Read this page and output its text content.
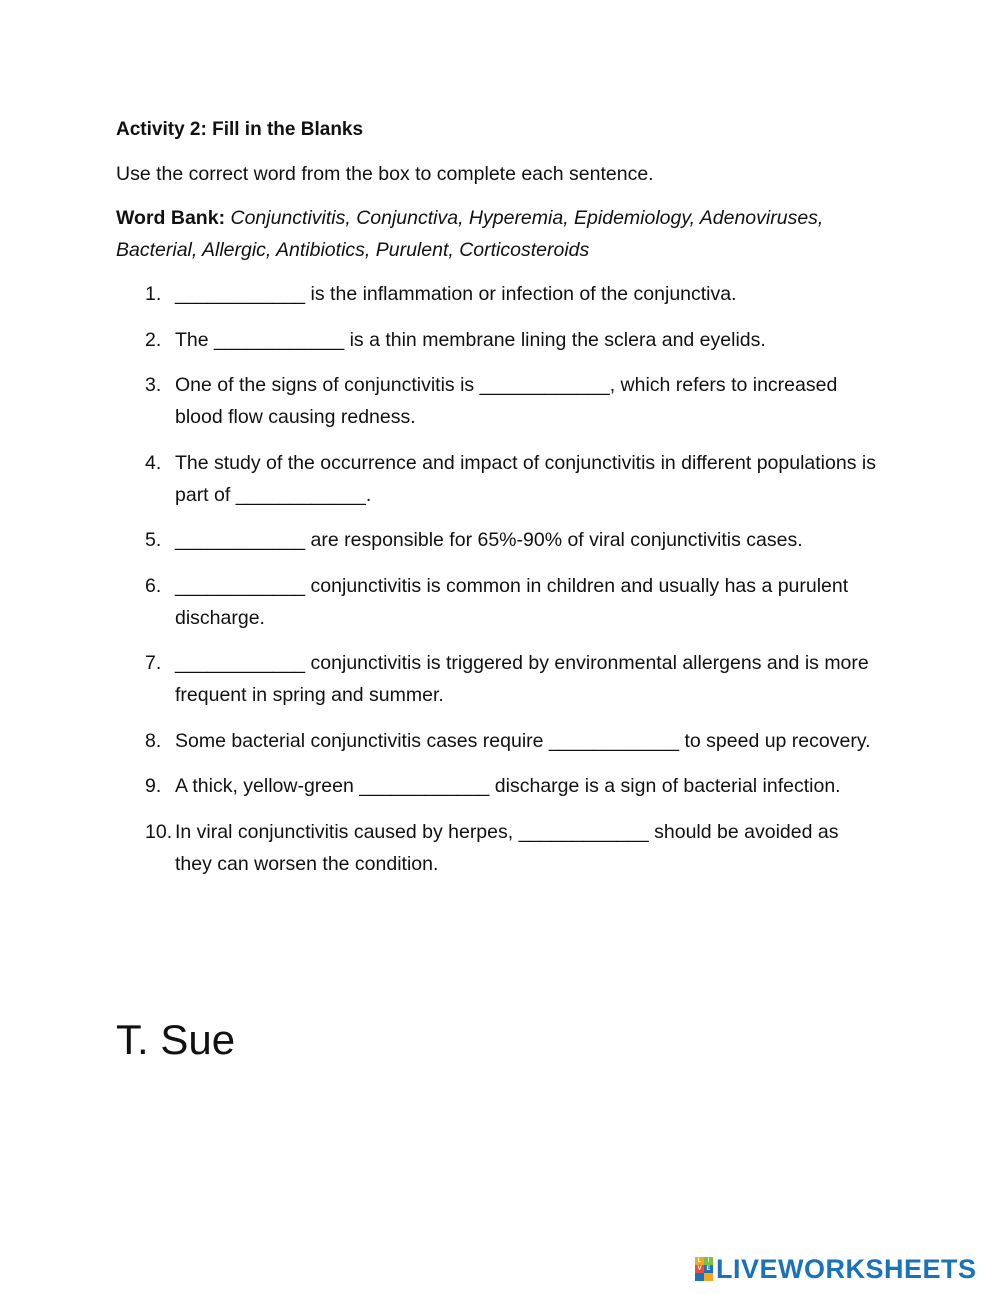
Activity 2: Fill in the Blanks

Use the correct word from the box to complete each sentence.

Word Bank: Conjunctivitis, Conjunctiva, Hyperemia, Epidemiology, Adenoviruses, Bacterial, Allergic, Antibiotics, Purulent, Corticosteroids

1. ____________ is the inflammation or infection of the conjunctiva.
2. The ____________ is a thin membrane lining the sclera and eyelids.
3. One of the signs of conjunctivitis is ____________, which refers to increased blood flow causing redness.
4. The study of the occurrence and impact of conjunctivitis in different populations is part of ____________.
5. ____________ are responsible for 65%-90% of viral conjunctivitis cases.
6. ____________ conjunctivitis is common in children and usually has a purulent discharge.
7. ____________ conjunctivitis is triggered by environmental allergens and is more frequent in spring and summer.
8. Some bacterial conjunctivitis cases require ____________ to speed up recovery.
9. A thick, yellow-green ____________ discharge is a sign of bacterial infection.
10. In viral conjunctivitis caused by herpes, ____________ should be avoided as they can worsen the condition.
T. Sue
L	I
V E LIVEWORKSHEETS
